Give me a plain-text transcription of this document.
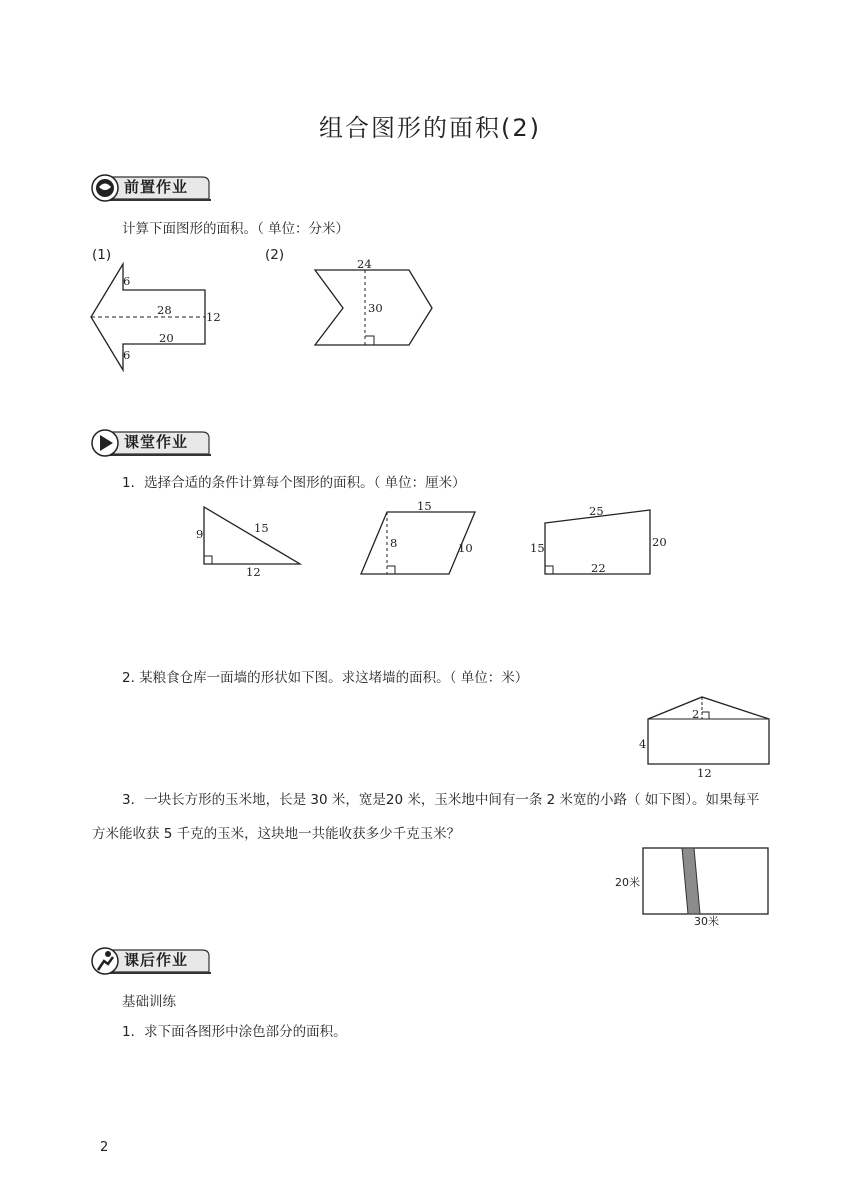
组合图形的面积(2)
前置作业
计算下面图形的面积。（ 单位：分米）
(1)	(2)
6
28	12
20
6
24
30
课堂作业
1．选择合适的条件计算每个图形的面积。（ 单位：厘米）
9	15
12
15
8	10
25
15	20
22
2. 某粮食仓库一面墙的形状如下图。求这堵墙的面积。（ 单位：米）
2
4
12
3．一块长方形的玉米地，长是 30 米，宽是20 米，玉米地中间有一条 2 米宽的小路（ 如下图）。如果每平
方米能收获 5 千克的玉米，这块地一共能收获多少千克玉米？
20米
30米
课后作业
基础训练
1．求下面各图形中涂色部分的面积。
2
